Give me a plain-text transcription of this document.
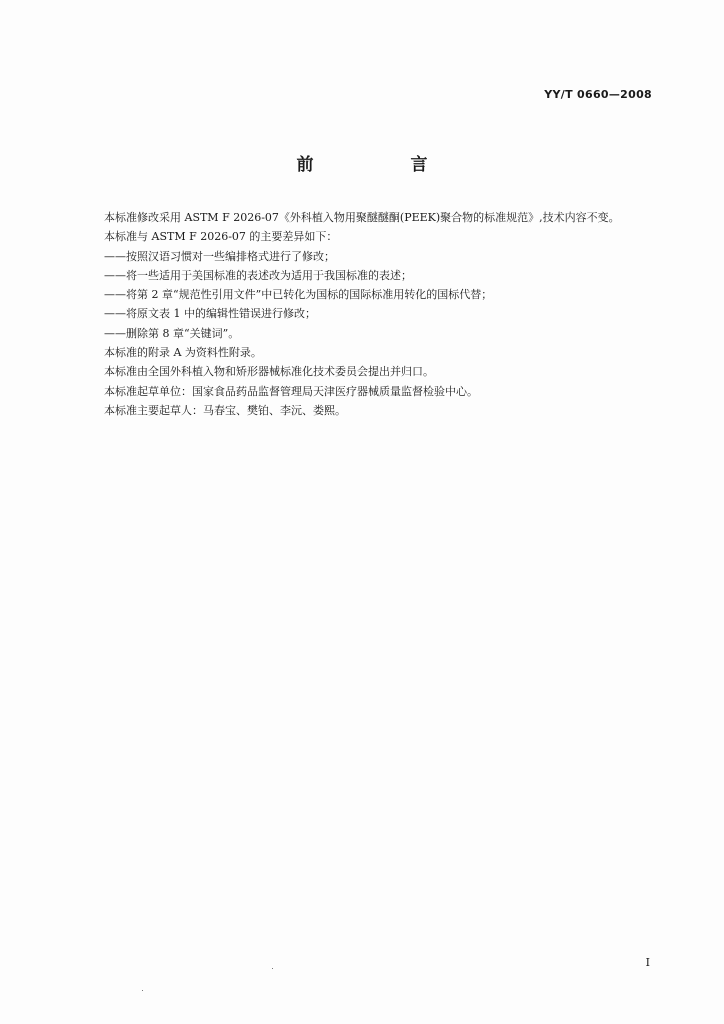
YY/T 0660—2008
前　言

本标准修改采用 ASTM F 2026-07《外科植入物用聚醚醚酮(PEEK)聚合物的标准规范》,技术内容不变。

本标准与 ASTM F 2026-07 的主要差异如下：

——按照汉语习惯对一些编排格式进行了修改；

——将一些适用于美国标准的表述改为适用于我国标准的表述；

——将第 2 章“规范性引用文件”中已转化为国标的国际标准用转化的国标代替；

——将原文表 1 中的编辑性错误进行修改；

——删除第 8 章“关键词”。

本标准的附录 A 为资料性附录。

本标准由全国外科植入物和矫形器械标准化技术委员会提出并归口。

本标准起草单位：国家食品药品监督管理局天津医疗器械质量监督检验中心。

本标准主要起草人：马春宝、樊铂、李沅、娄熙。

I
